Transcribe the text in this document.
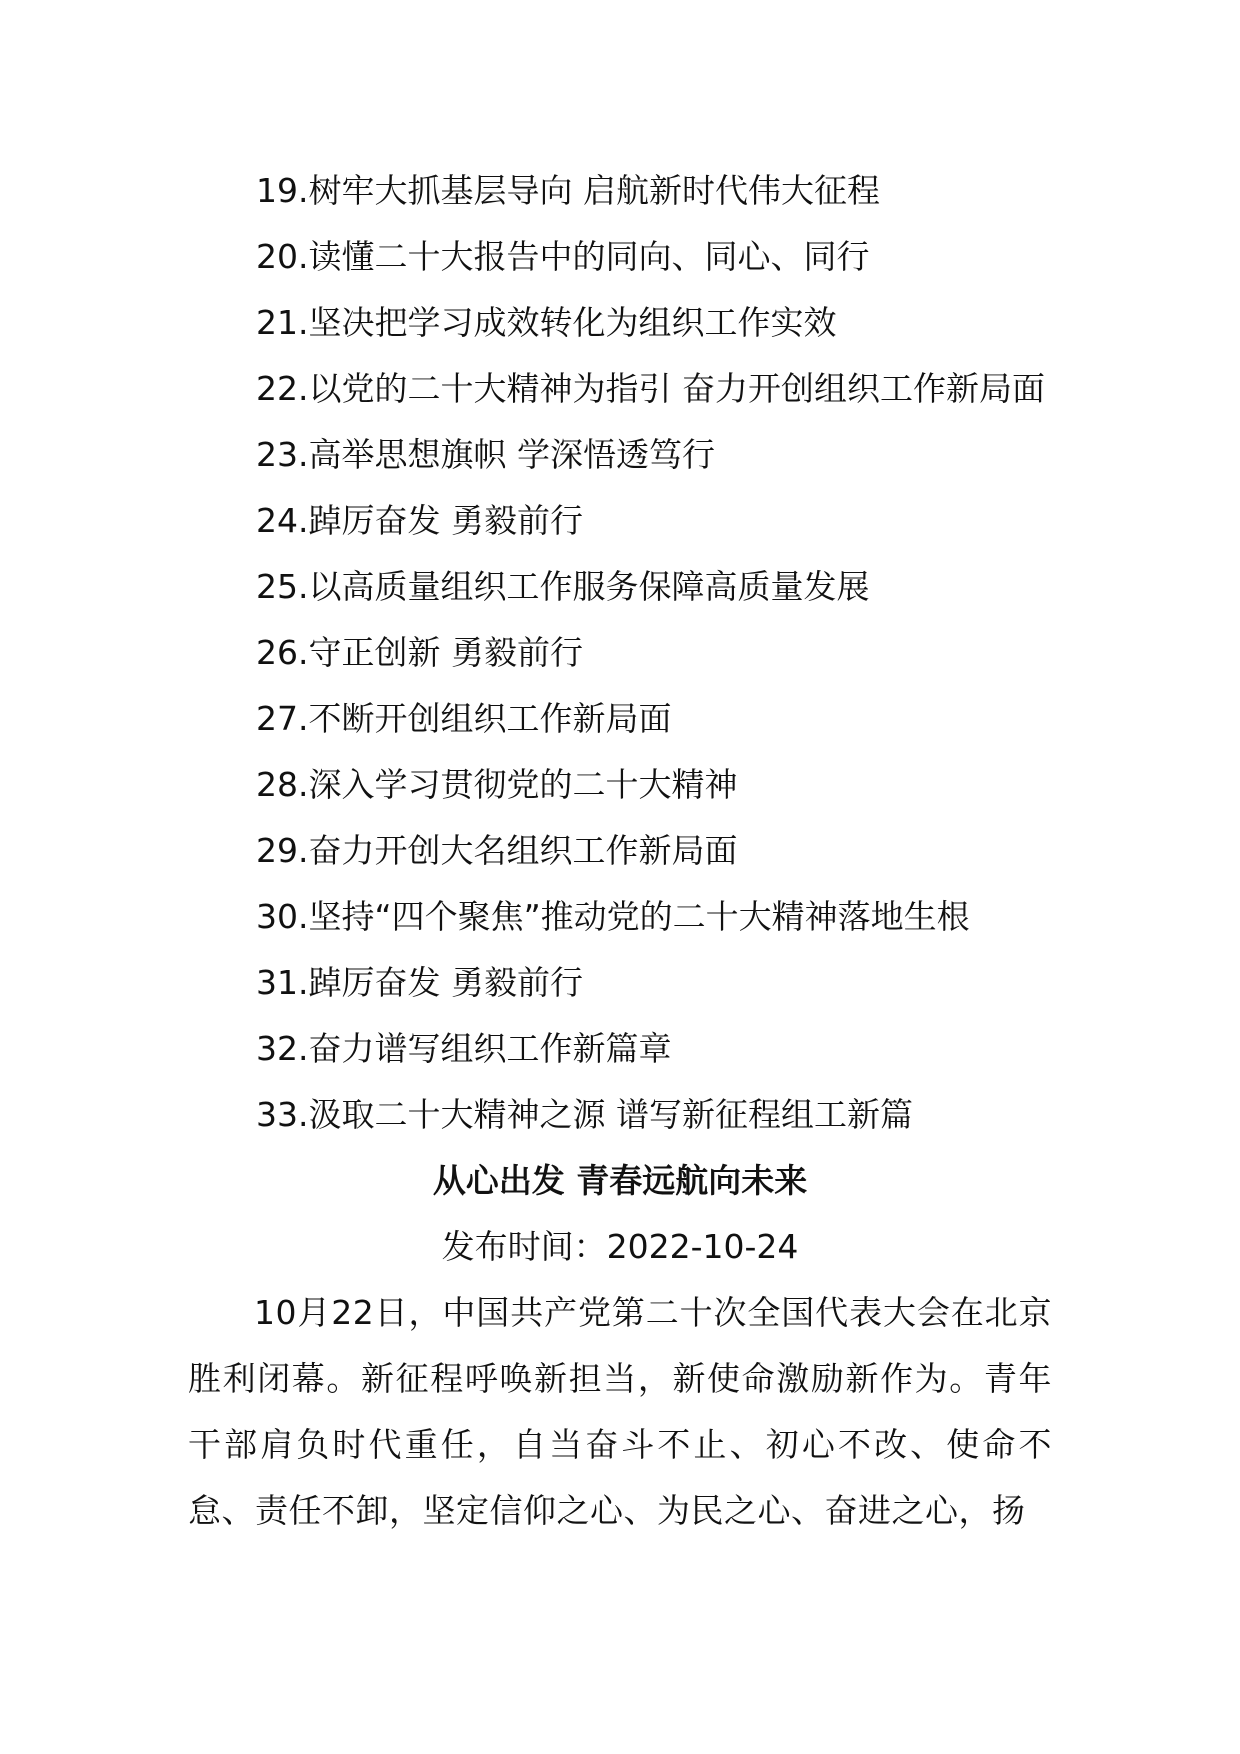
19.树牢大抓基层导向 启航新时代伟大征程
20.读懂二十大报告中的同向、同心、同行
21.坚决把学习成效转化为组织工作实效
22.以党的二十大精神为指引 奋力开创组织工作新局面
23.高举思想旗帜 学深悟透笃行
24.踔厉奋发 勇毅前行
25.以高质量组织工作服务保障高质量发展
26.守正创新 勇毅前行
27.不断开创组织工作新局面
28.深入学习贯彻党的二十大精神
29.奋力开创大名组织工作新局面
30.坚持“四个聚焦”推动党的二十大精神落地生根
31.踔厉奋发 勇毅前行
32.奋力谱写组织工作新篇章
33.汲取二十大精神之源 谱写新征程组工新篇
从心出发 青春远航向未来
发布时间：2022-10-24
10月22日，中国共产党第二十次全国代表大会在北京胜利闭幕。新征程呼唤新担当，新使命激励新作为。青年干部肩负时代重任，自当奋斗不止、初心不改、使命不怠、责任不卸，坚定信仰之心、为民之心、奋进之心，扬
